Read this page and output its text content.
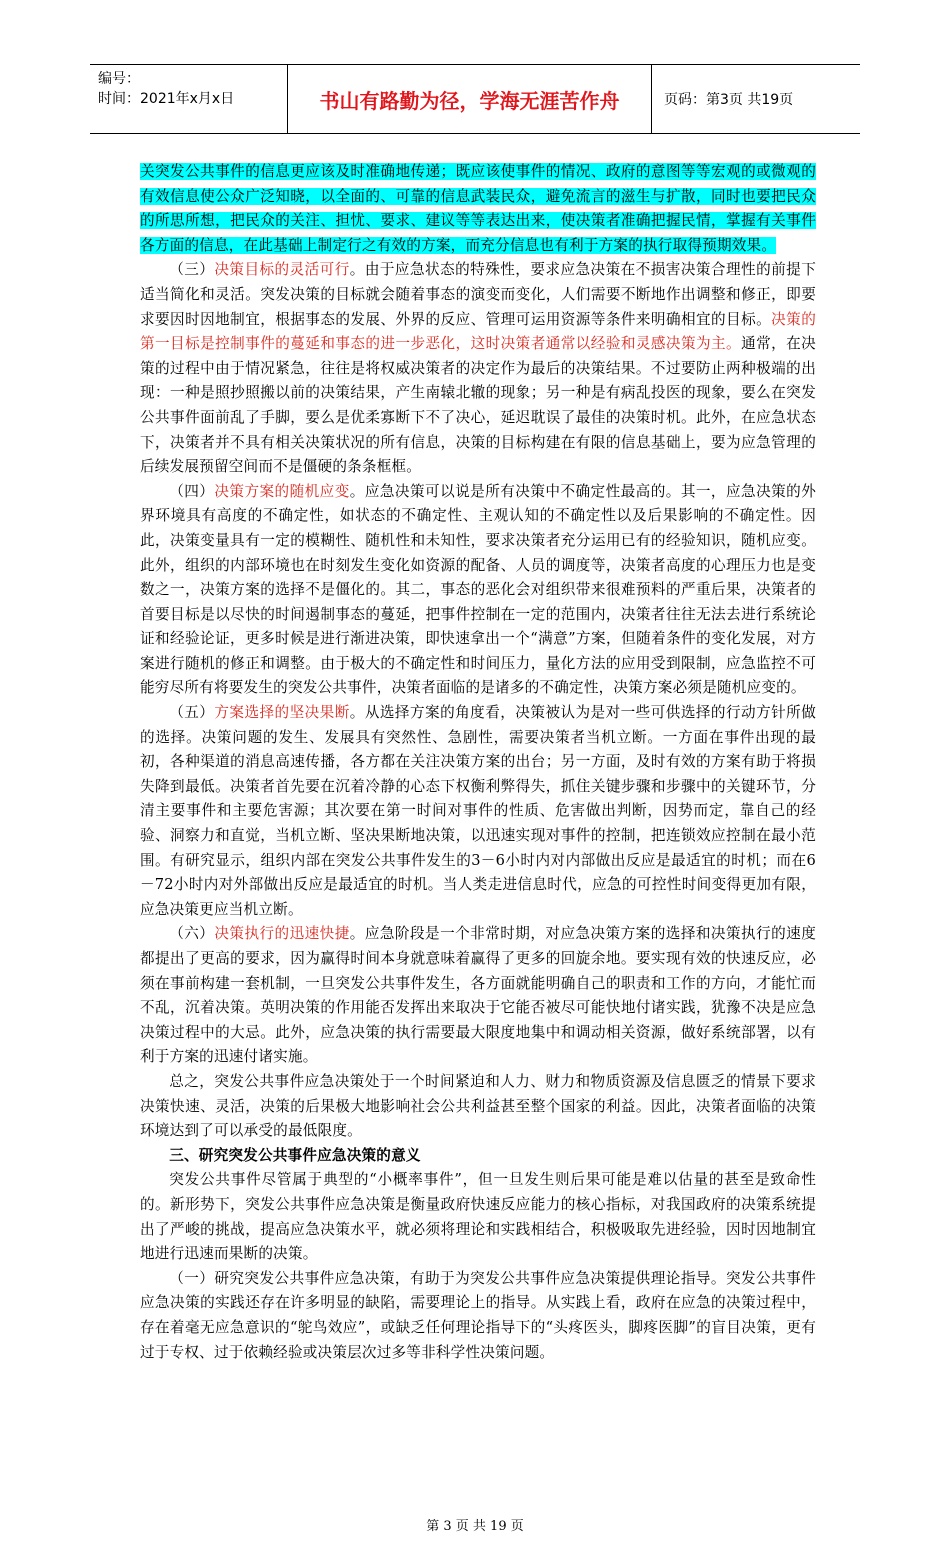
编号：
时间：2021年x月x日	书山有路勤为径，学海无涯苦作舟	页码：第3页 共19页

关突发公共事件的信息更应该及时准确地传递；既应该使事件的情况、政府的意图等等宏观的或微观的有效信息使公众广泛知晓，以全面的、可靠的信息武装民众，避免流言的滋生与扩散，同时也要把民众的所思所想，把民众的关注、担忧、要求、建议等等表达出来，使决策者准确把握民情，掌握有关事件各方面的信息，在此基础上制定行之有效的方案，而充分信息也有利于方案的执行取得预期效果。

（三）决策目标的灵活可行。由于应急状态的特殊性，要求应急决策在不损害决策合理性的前提下适当简化和灵活。突发决策的目标就会随着事态的演变而变化，人们需要不断地作出调整和修正，即要求要因时因地制宜，根据事态的发展、外界的反应、管理可运用资源等条件来明确相宜的目标。决策的第一目标是控制事件的蔓延和事态的进一步恶化，这时决策者通常以经验和灵感决策为主。通常，在决策的过程中由于情况紧急，往往是将权威决策者的决定作为最后的决策结果。不过要防止两种极端的出现：一种是照抄照搬以前的决策结果，产生南辕北辙的现象；另一种是有病乱投医的现象，要么在突发公共事件面前乱了手脚，要么是优柔寡断下不了决心，延迟耽误了最佳的决策时机。此外，在应急状态下，决策者并不具有相关决策状况的所有信息，决策的目标构建在有限的信息基础上，要为应急管理的后续发展预留空间而不是僵硬的条条框框。

（四）决策方案的随机应变。应急决策可以说是所有决策中不确定性最高的。其一，应急决策的外界环境具有高度的不确定性，如状态的不确定性、主观认知的不确定性以及后果影响的不确定性。因此，决策变量具有一定的模糊性、随机性和未知性，要求决策者充分运用已有的经验知识，随机应变。此外，组织的内部环境也在时刻发生变化如资源的配备、人员的调度等，决策者高度的心理压力也是变数之一，决策方案的选择不是僵化的。其二，事态的恶化会对组织带来很难预料的严重后果，决策者的首要目标是以尽快的时间遏制事态的蔓延，把事件控制在一定的范围内，决策者往往无法去进行系统论证和经验论证，更多时候是进行渐进决策，即快速拿出一个“满意”方案，但随着条件的变化发展，对方案进行随机的修正和调整。由于极大的不确定性和时间压力，量化方法的应用受到限制，应急监控不可能穷尽所有将要发生的突发公共事件，决策者面临的是诸多的不确定性，决策方案必须是随机应变的。

（五）方案选择的坚决果断。从选择方案的角度看，决策被认为是对一些可供选择的行动方针所做的选择。决策问题的发生、发展具有突然性、急剧性，需要决策者当机立断。一方面在事件出现的最初，各种渠道的消息高速传播，各方都在关注决策方案的出台；另一方面，及时有效的方案有助于将损失降到最低。决策者首先要在沉着冷静的心态下权衡利弊得失，抓住关键步骤和步骤中的关键环节，分清主要事件和主要危害源；其次要在第一时间对事件的性质、危害做出判断，因势而定，靠自己的经验、洞察力和直觉，当机立断、坚决果断地决策，以迅速实现对事件的控制，把连锁效应控制在最小范围。有研究显示，组织内部在突发公共事件发生的3－6小时内对内部做出反应是最适宜的时机；而在6－72小时内对外部做出反应是最适宜的时机。当人类走进信息时代，应急的可控性时间变得更加有限，应急决策更应当机立断。

（六）决策执行的迅速快捷。应急阶段是一个非常时期，对应急决策方案的选择和决策执行的速度都提出了更高的要求，因为赢得时间本身就意味着赢得了更多的回旋余地。要实现有效的快速反应，必须在事前构建一套机制，一旦突发公共事件发生，各方面就能明确自己的职责和工作的方向，才能忙而不乱，沉着决策。英明决策的作用能否发挥出来取决于它能否被尽可能快地付诸实践，犹豫不决是应急决策过程中的大忌。此外，应急决策的执行需要最大限度地集中和调动相关资源，做好系统部署，以有利于方案的迅速付诸实施。

总之，突发公共事件应急决策处于一个时间紧迫和人力、财力和物质资源及信息匮乏的情景下要求决策快速、灵活，决策的后果极大地影响社会公共利益甚至整个国家的利益。因此，决策者面临的决策环境达到了可以承受的最低限度。

三、研究突发公共事件应急决策的意义

突发公共事件尽管属于典型的“小概率事件”，但一旦发生则后果可能是难以估量的甚至是致命性的。新形势下，突发公共事件应急决策是衡量政府快速反应能力的核心指标，对我国政府的决策系统提出了严峻的挑战，提高应急决策水平，就必须将理论和实践相结合，积极吸取先进经验，因时因地制宜地进行迅速而果断的决策。

（一）研究突发公共事件应急决策，有助于为突发公共事件应急决策提供理论指导。突发公共事件应急决策的实践还存在许多明显的缺陷，需要理论上的指导。从实践上看，政府在应急的决策过程中，存在着毫无应急意识的“鸵鸟效应”，或缺乏任何理论指导下的“头疼医头，脚疼医脚”的盲目决策，更有过于专权、过于依赖经验或决策层次过多等非科学性决策问题。

第 3 页 共 19 页
